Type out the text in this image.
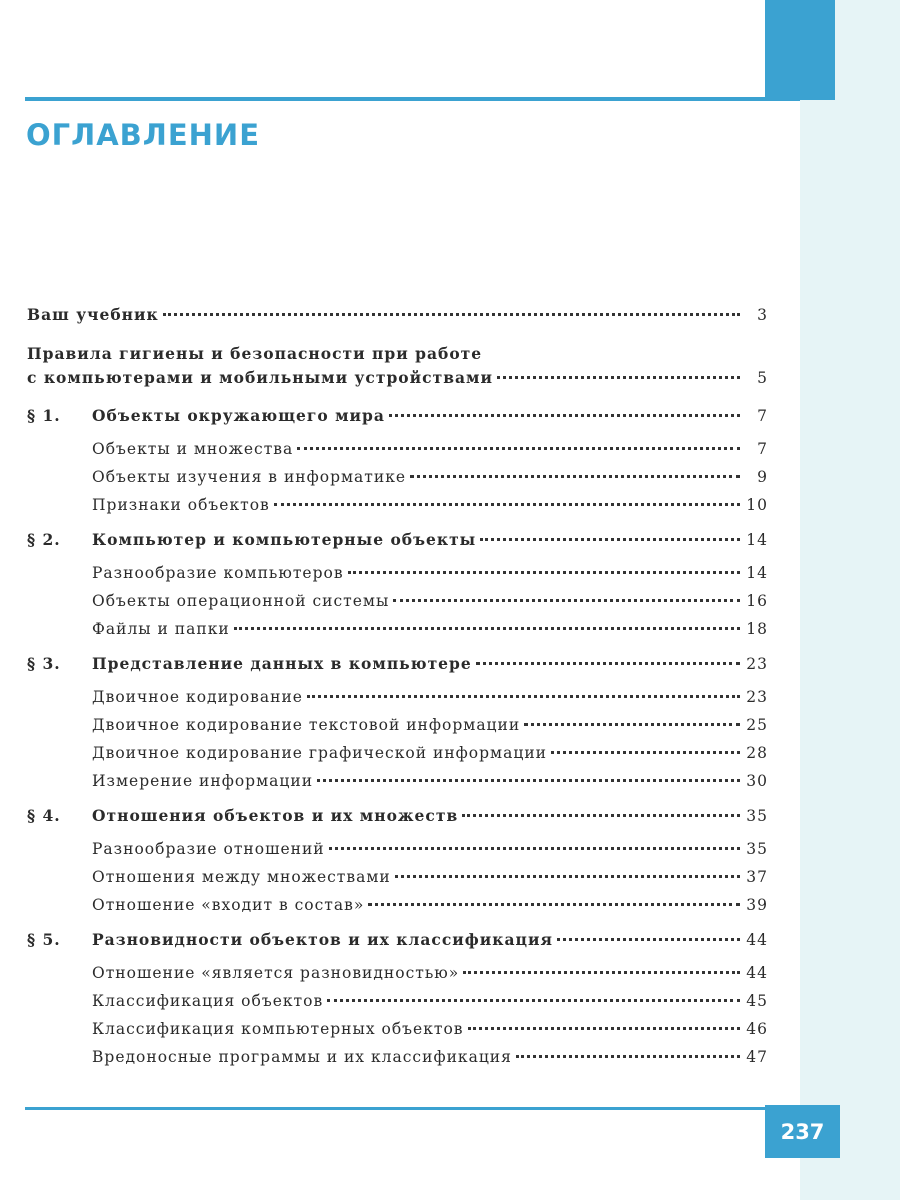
ОГЛАВЛЕНИЕ
Ваш учебник	3
Правила гигиены и безопасности при работе
с компьютерами и мобильными устройствами	5
§ 1. Объекты окружающего мира	7
Объекты и множества	7
Объекты изучения в информатике	9
Признаки объектов	10
§ 2. Компьютер и компьютерные объекты	14
Разнообразие компьютеров	14
Объекты операционной системы	16
Файлы и папки	18
§ 3. Представление данных в компьютере	23
Двоичное кодирование	23
Двоичное кодирование текстовой информации	25
Двоичное кодирование графической информации	28
Измерение информации	30
§ 4. Отношения объектов и их множеств	35
Разнообразие отношений	35
Отношения между множествами	37
Отношение «входит в состав»	39
§ 5. Разновидности объектов и их классификация	44
Отношение «является разновидностью»	44
Классификация объектов	45
Классификация компьютерных объектов	46
Вредоносные программы и их классификация	47
237
